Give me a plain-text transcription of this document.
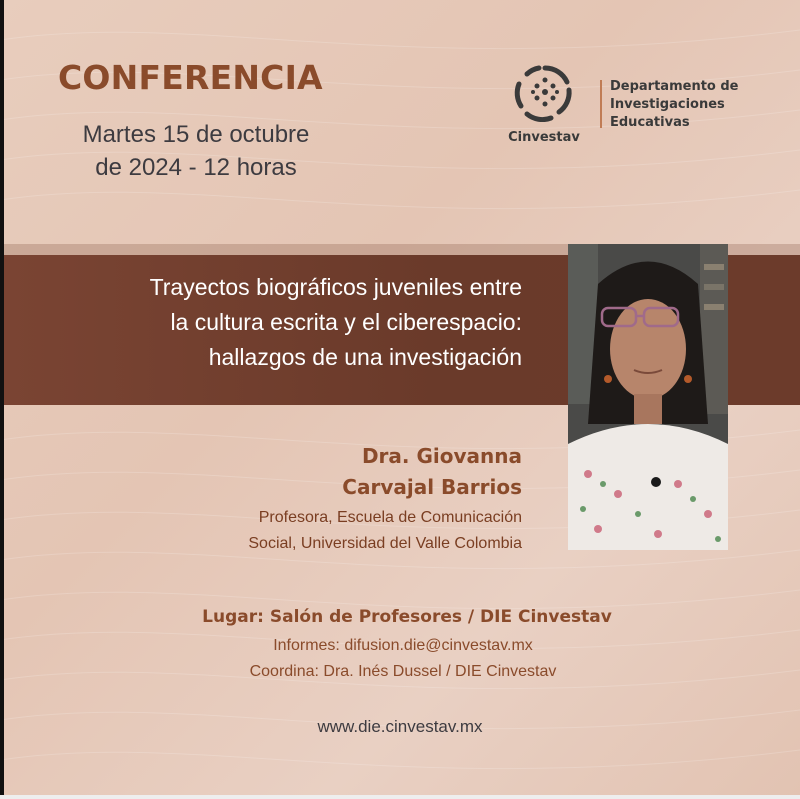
CONFERENCIA
Martes 15 de octubre
de 2024 - 12 horas
Cinvestav
Departamento de
Investigaciones
Educativas
Trayectos biográficos juveniles entre
la cultura escrita y el ciberespacio:
hallazgos de una investigación
Dra. Giovanna
Carvajal Barrios
Profesora, Escuela de Comunicación
Social, Universidad del Valle Colombia
Lugar: Salón de Profesores / DIE Cinvestav
Informes: difusion.die@cinvestav.mx
Coordina: Dra. Inés Dussel / DIE Cinvestav
www.die.cinvestav.mx
